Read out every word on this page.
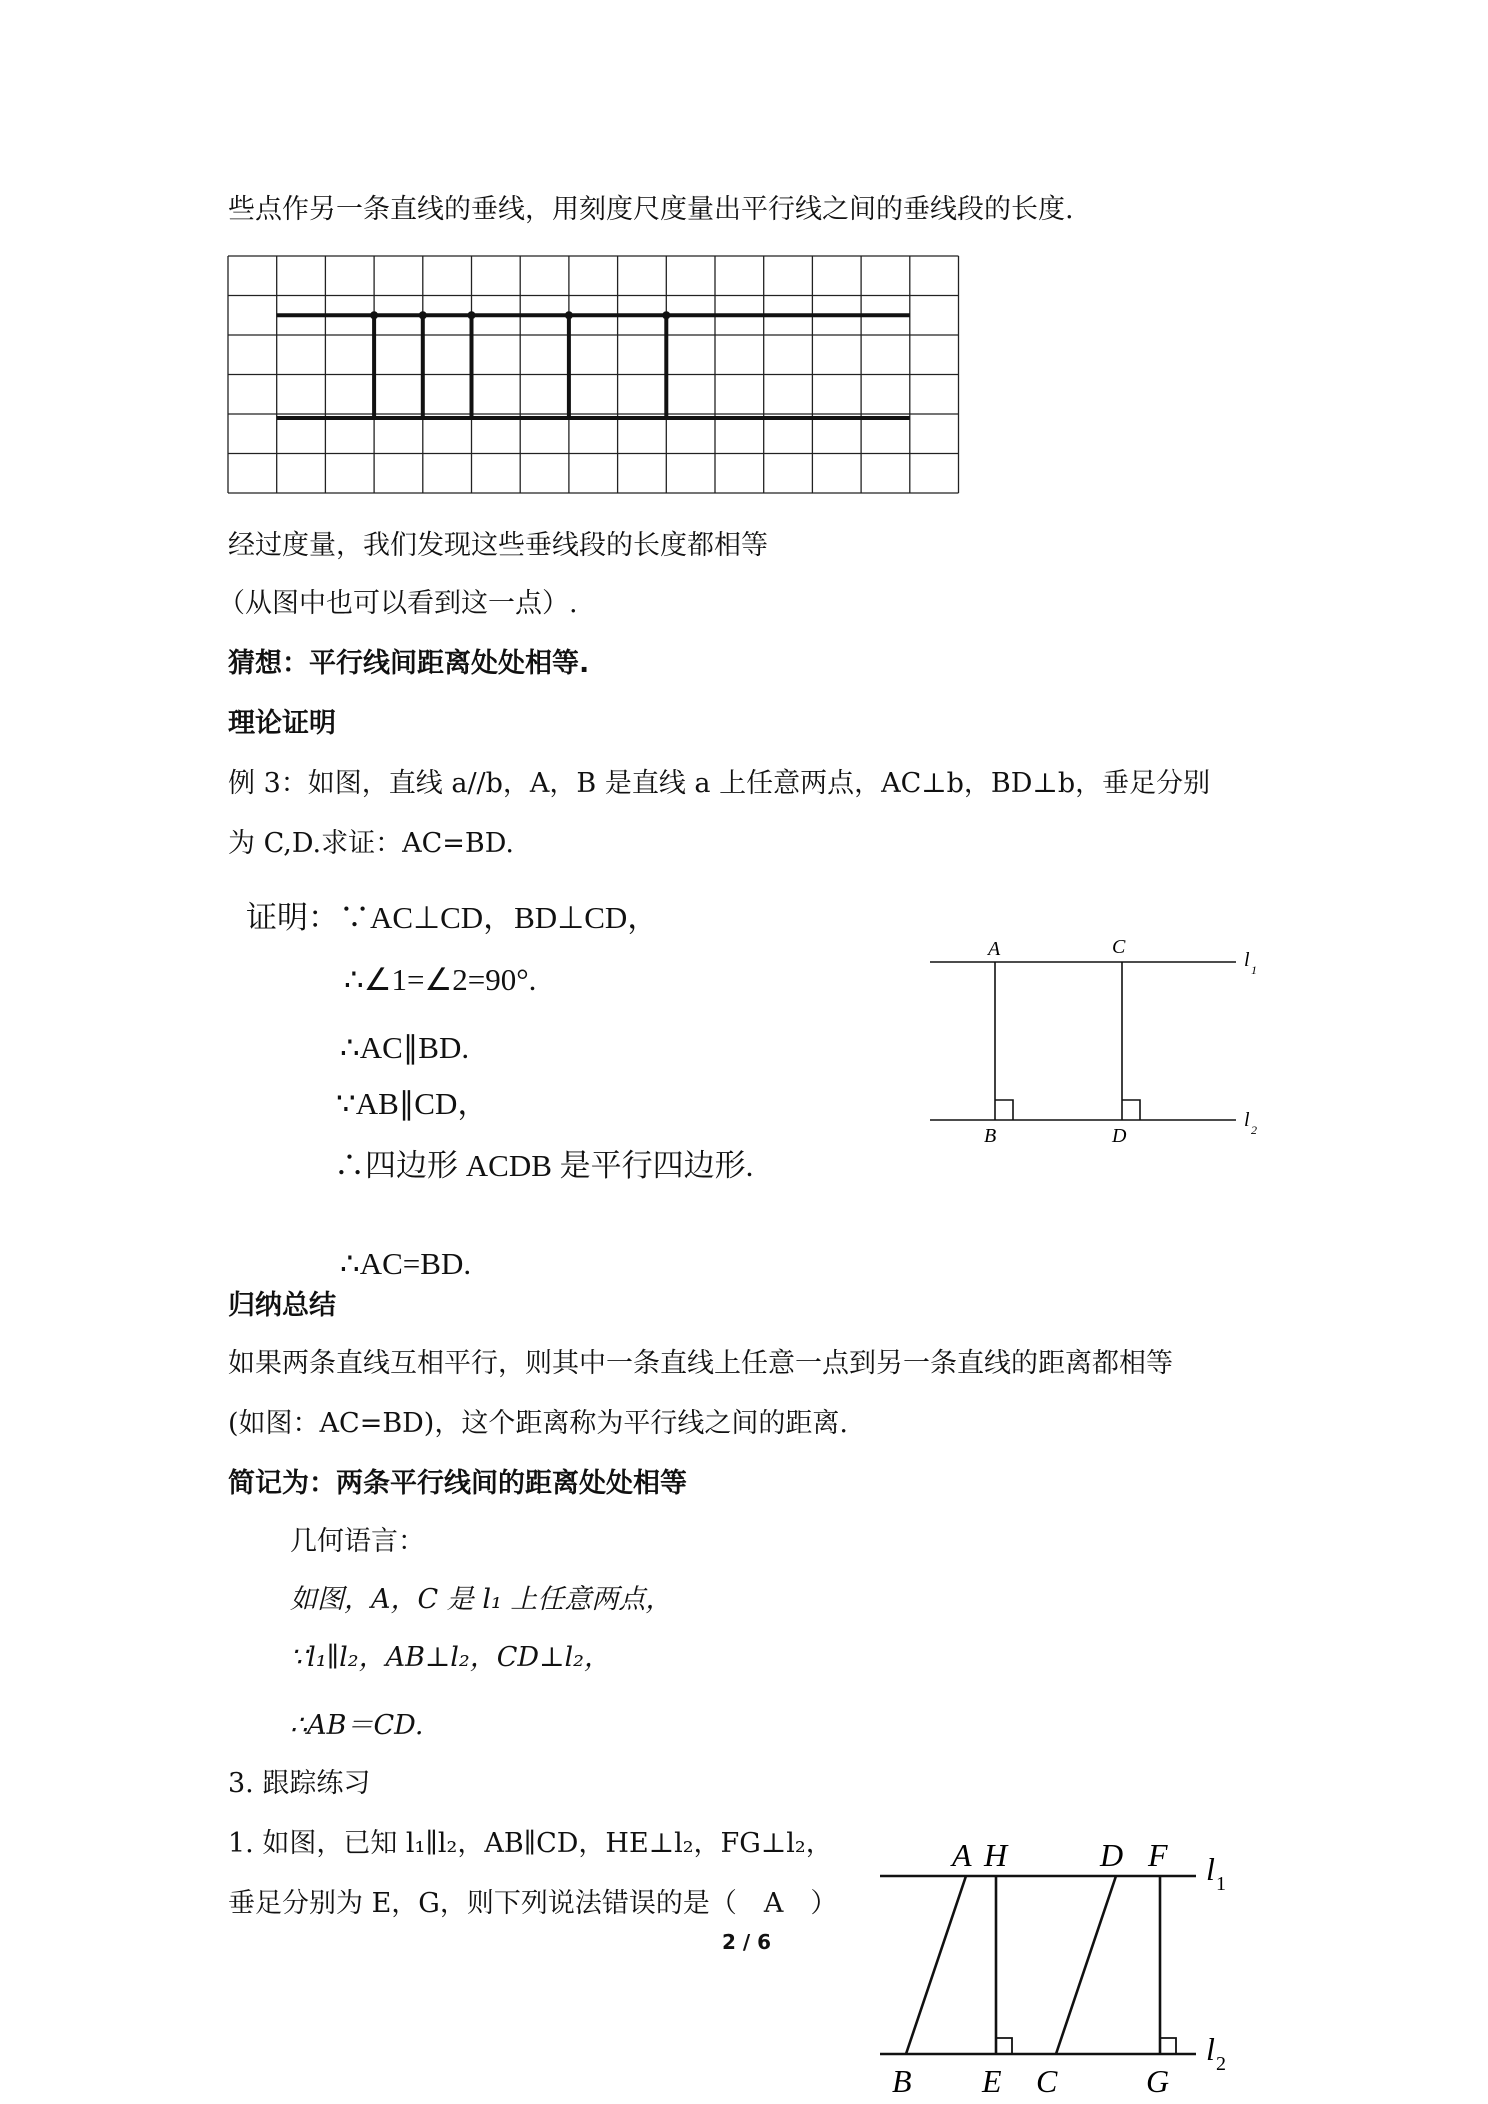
些点作另一条直线的垂线，用刻度尺度量出平行线之间的垂线段的长度.
经过度量，我们发现这些垂线段的长度都相等
（从图中也可以看到这一点）.
猜想：平行线间距离处处相等.
理论证明
例 3：如图，直线 a//b，A，B 是直线 a 上任意两点，AC⊥b，BD⊥b，垂足分别
为 C,D.求证：AC=BD.
证明：∵AC⊥CD，BD⊥CD，
∴∠1=∠2=90°.
∴AC∥BD.
∵AB∥CD，
∴四边形 ACDB 是平行四边形.
∴AC=BD.
A	C
B	D
l 1
l 2
归纳总结
如果两条直线互相平行，则其中一条直线上任意一点到另一条直线的距离都相等
(如图：AC=BD)，这个距离称为平行线之间的距离.
简记为：两条平行线间的距离处处相等
几何语言：
如图，A，C 是 l₁ 上任意两点，
∵l₁∥l₂，AB⊥l₂，CD⊥l₂，
∴AB＝CD.
3. 跟踪练习
1. 如图，已知 l₁∥l₂，AB∥CD，HE⊥l₂，FG⊥l₂，
垂足分别为 E，G，则下列说法错误的是（　A　）
2 / 6
A H	D F
B E C	G
l 1
l 2
